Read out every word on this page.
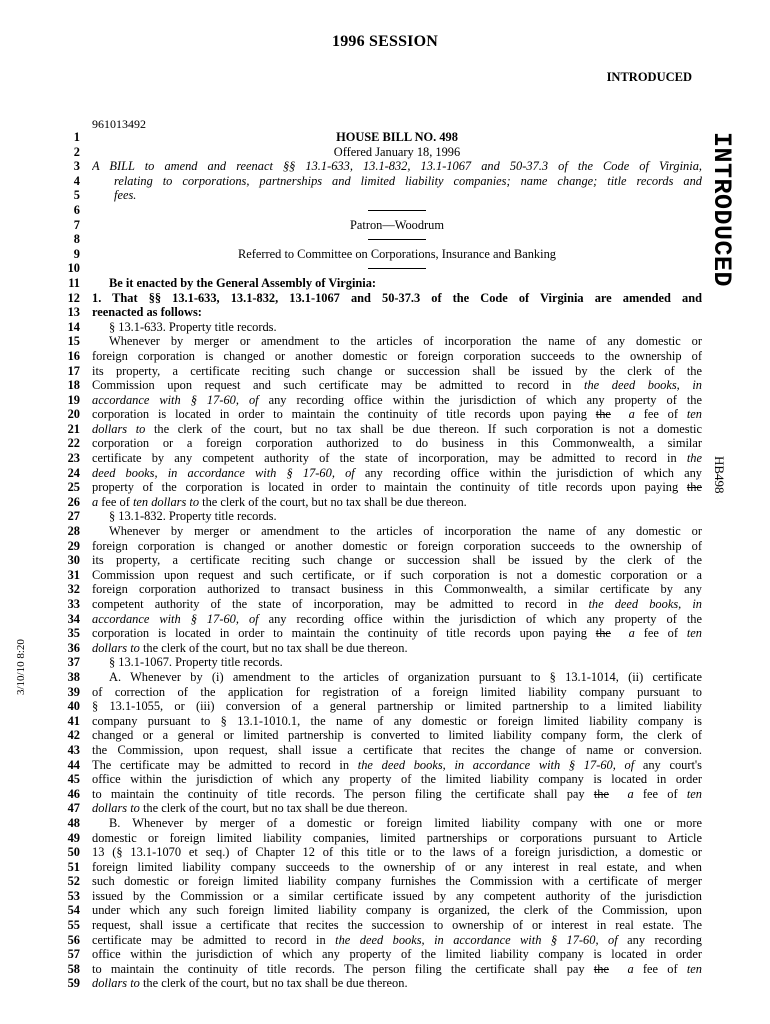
1996 SESSION
INTRODUCED
961013492
INTRODUCED
HB498
3/10/10 8:20
1	HOUSE BILL NO. 498
2	Offered January 18, 1996
3 A BILL to amend and reenact §§ 13.1-633, 13.1-832, 13.1-1067 and 50-37.3 of the Code of Virginia,
4	relating to corporations, partnerships and limited liability companies; name change; title records and
5	fees.
6
7	Patron—Woodrum
8
9	Referred to Committee on Corporations, Insurance and Banking
10
11	Be it enacted by the General Assembly of Virginia:
12 1. That §§ 13.1-633, 13.1-832, 13.1-1067 and 50-37.3 of the Code of Virginia are amended and
13 reenacted as follows:
14	§ 13.1-633. Property title records.
15	Whenever by merger or amendment to the articles of incorporation the name of any domestic or
16 foreign corporation is changed or another domestic or foreign corporation succeeds to the ownership of
17 its property, a certificate reciting such change or succession shall be issued by the clerk of the
18 Commission upon request and such certificate may be admitted to record in the deed books, in
19 accordance with § 17-60, of any recording office within the jurisdiction of which any property of the
20 corporation is located in order to maintain the continuity of title records upon paying the a fee of ten
21 dollars to the clerk of the court, but no tax shall be due thereon. If such corporation is not a domestic
22 corporation or a foreign corporation authorized to do business in this Commonwealth, a similar
23 certificate by any competent authority of the state of incorporation, may be admitted to record in the
24 deed books, in accordance with § 17-60, of any recording office within the jurisdiction of which any
25 property of the corporation is located in order to maintain the continuity of title records upon paying the
26 a fee of ten dollars to the clerk of the court, but no tax shall be due thereon.
27	§ 13.1-832. Property title records.
28	Whenever by merger or amendment to the articles of incorporation the name of any domestic or
29 foreign corporation is changed or another domestic or foreign corporation succeeds to the ownership of
30 its property, a certificate reciting such change or succession shall be issued by the clerk of the
31 Commission upon request and such certificate, or if such corporation is not a domestic corporation or a
32 foreign corporation authorized to transact business in this Commonwealth, a similar certificate by any
33 competent authority of the state of incorporation, may be admitted to record in the deed books, in
34 accordance with § 17-60, of any recording office within the jurisdiction of which any property of the
35 corporation is located in order to maintain the continuity of title records upon paying the a fee of ten
36 dollars to the clerk of the court, but no tax shall be due thereon.
37	§ 13.1-1067. Property title records.
38	A. Whenever by (i) amendment to the articles of organization pursuant to § 13.1-1014, (ii) certificate
39 of correction of the application for registration of a foreign limited liability company pursuant to
40 § 13.1-1055, or (iii) conversion of a general partnership or limited partnership to a limited liability
41 company pursuant to § 13.1-1010.1, the name of any domestic or foreign limited liability company is
42 changed or a general or limited partnership is converted to limited liability company form, the clerk of
43 the Commission, upon request, shall issue a certificate that recites the change of name or conversion.
44 The certificate may be admitted to record in the deed books, in accordance with § 17-60, of any court's
45 office within the jurisdiction of which any property of the limited liability company is located in order
46 to maintain the continuity of title records. The person filing the certificate shall pay the a fee of ten
47 dollars to the clerk of the court, but no tax shall be due thereon.
48	B. Whenever by merger of a domestic or foreign limited liability company with one or more
49 domestic or foreign limited liability companies, limited partnerships or corporations pursuant to Article
50 13 (§ 13.1-1070 et seq.) of Chapter 12 of this title or to the laws of a foreign jurisdiction, a domestic or
51 foreign limited liability company succeeds to the ownership of or any interest in real estate, and when
52 such domestic or foreign limited liability company furnishes the Commission with a certificate of merger
53 issued by the Commission or a similar certificate issued by any competent authority of the jurisdiction
54 under which any such foreign limited liability company is organized, the clerk of the Commission, upon
55 request, shall issue a certificate that recites the succession to ownership of or interest in real estate. The
56 certificate may be admitted to record in the deed books, in accordance with § 17-60, of any recording
57 office within the jurisdiction of which any property of the limited liability company is located in order
58 to maintain the continuity of title records. The person filing the certificate shall pay the a fee of ten
59 dollars to the clerk of the court, but no tax shall be due thereon.
